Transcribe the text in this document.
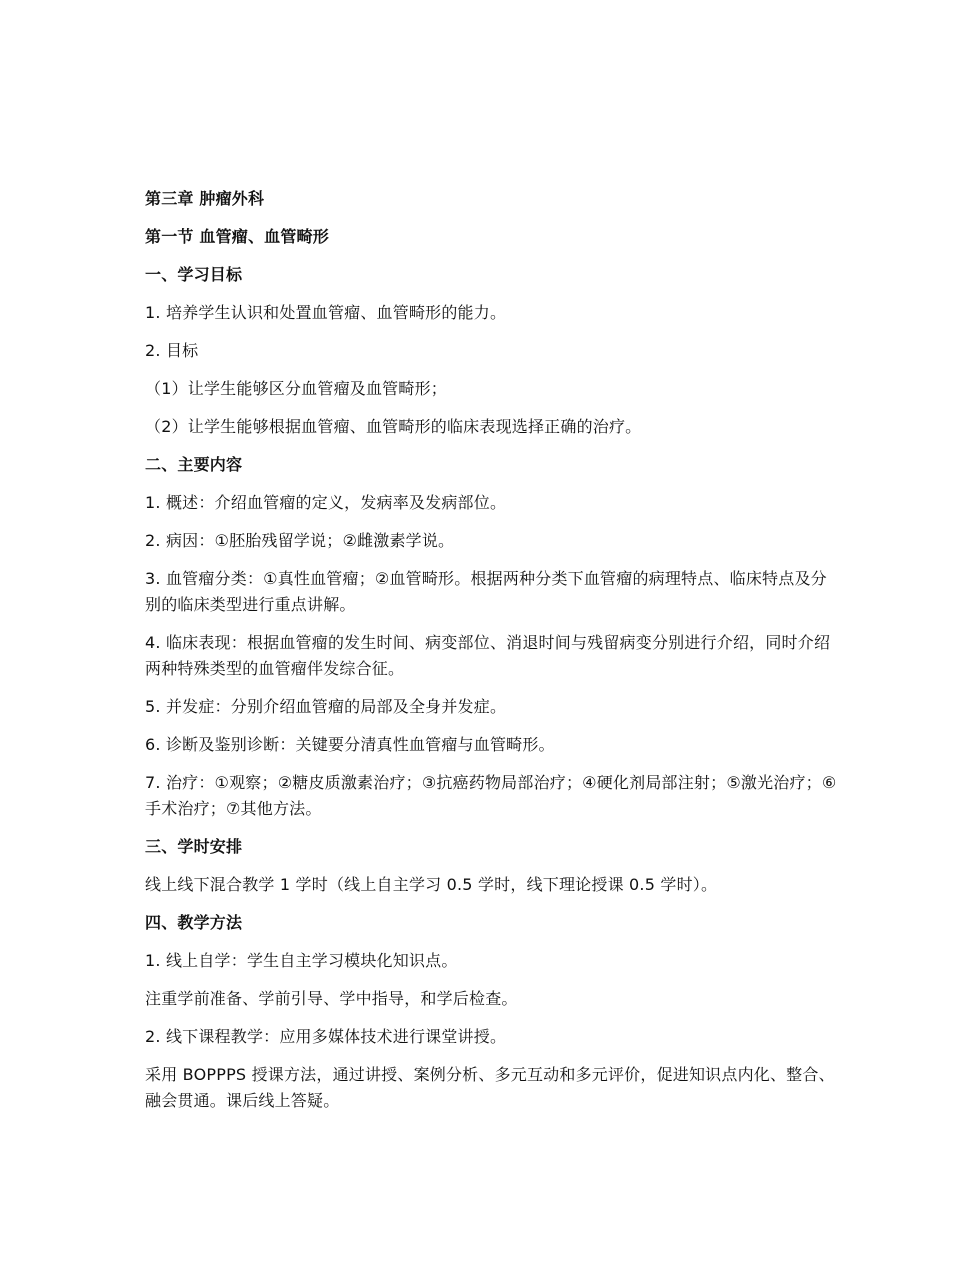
第三章 肿瘤外科

第一节 血管瘤、血管畸形

一、学习目标

1. 培养学生认识和处置血管瘤、血管畸形的能力。

2. 目标

（1）让学生能够区分血管瘤及血管畸形；

（2）让学生能够根据血管瘤、血管畸形的临床表现选择正确的治疗。

二、主要内容

1. 概述：介绍血管瘤的定义，发病率及发病部位。

2. 病因：①胚胎残留学说；②雌激素学说。

3. 血管瘤分类：①真性血管瘤；②血管畸形。根据两种分类下血管瘤的病理特点、临床特点及分别的临床类型进行重点讲解。

4. 临床表现：根据血管瘤的发生时间、病变部位、消退时间与残留病变分别进行介绍，同时介绍两种特殊类型的血管瘤伴发综合征。

5. 并发症：分别介绍血管瘤的局部及全身并发症。

6. 诊断及鉴别诊断：关键要分清真性血管瘤与血管畸形。

7. 治疗：①观察；②糖皮质激素治疗；③抗癌药物局部治疗；④硬化剂局部注射；⑤激光治疗；⑥手术治疗；⑦其他方法。

三、学时安排

线上线下混合教学 1 学时（线上自主学习 0.5 学时，线下理论授课 0.5 学时）。

四、教学方法

1. 线上自学：学生自主学习模块化知识点。

注重学前准备、学前引导、学中指导，和学后检查。

2. 线下课程教学：应用多媒体技术进行课堂讲授。

采用 BOPPPS 授课方法，通过讲授、案例分析、多元互动和多元评价，促进知识点内化、整合、融会贯通。课后线上答疑。
